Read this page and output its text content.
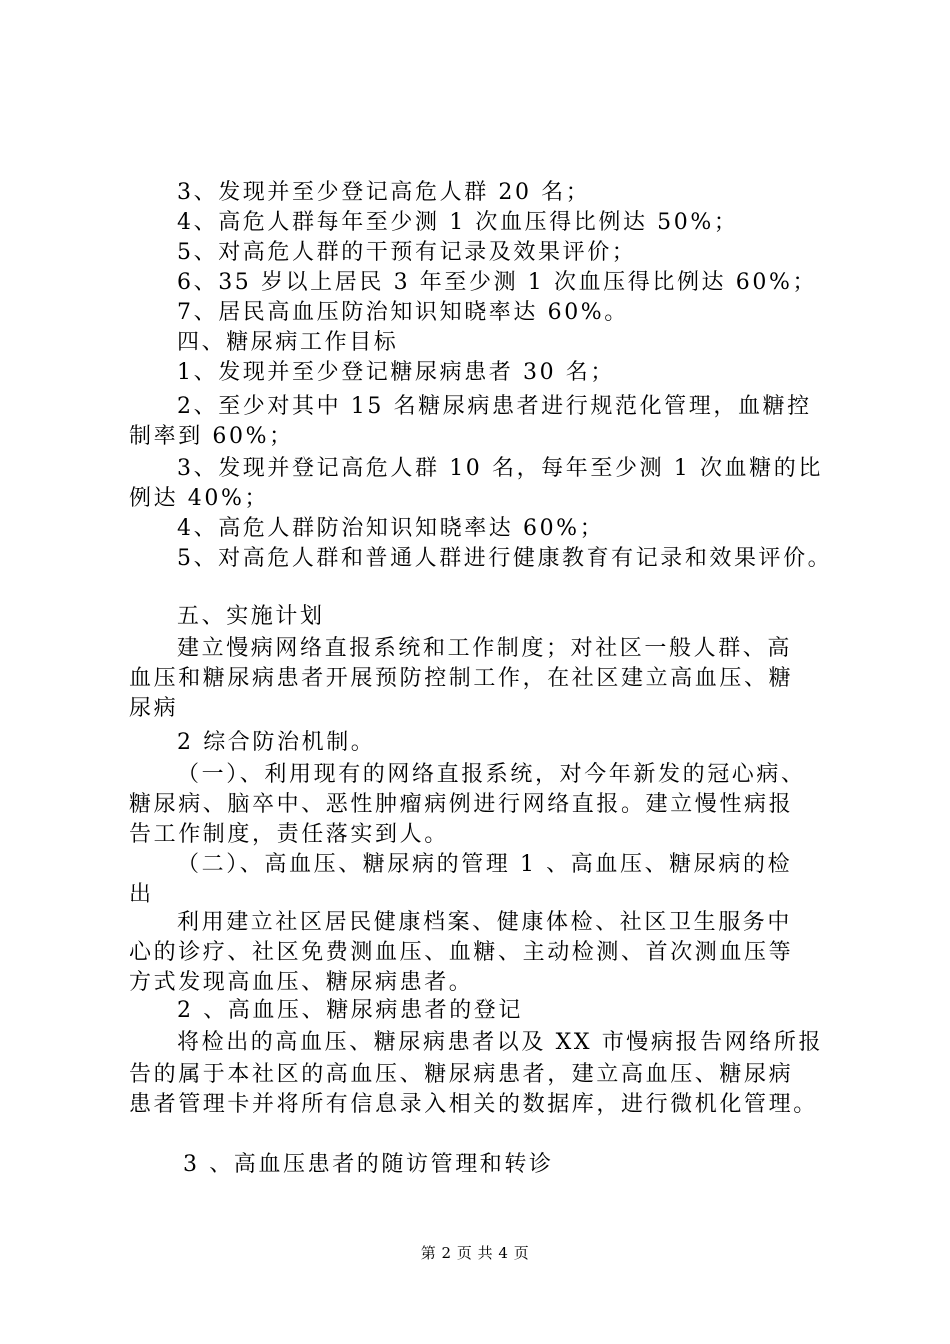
3、发现并至少登记高危人群 20 名；
4、高危人群每年至少测 1 次血压得比例达 50%；
5、对高危人群的干预有记录及效果评价；
6、35 岁以上居民 3 年至少测 1 次血压得比例达 60%；
7、居民高血压防治知识知晓率达 60%。
四、糖尿病工作目标
1、发现并至少登记糖尿病患者 30 名；
2、至少对其中 15 名糖尿病患者进行规范化管理，血糖控
制率到 60%；
3、发现并登记高危人群 10 名，每年至少测 1 次血糖的比
例达 40%；
4、高危人群防治知识知晓率达 60%；
5、对高危人群和普通人群进行健康教育有记录和效果评价。
五、实施计划
建立慢病网络直报系统和工作制度；对社区一般人群、高
血压和糖尿病患者开展预防控制工作，在社区建立高血压、糖
尿病
2 综合防治机制。
（一）、利用现有的网络直报系统，对今年新发的冠心病、
糖尿病、脑卒中、恶性肿瘤病例进行网络直报。建立慢性病报
告工作制度，责任落实到人。
（二）、高血压、糖尿病的管理 1 、高血压、糖尿病的检
出
利用建立社区居民健康档案、健康体检、社区卫生服务中
心的诊疗、社区免费测血压、血糖、主动检测、首次测血压等
方式发现高血压、糖尿病患者。
2 、高血压、糖尿病患者的登记
将检出的高血压、糖尿病患者以及 XX 市慢病报告网络所报
告的属于本社区的高血压、糖尿病患者，建立高血压、糖尿病
患者管理卡并将所有信息录入相关的数据库，进行微机化管理。
3 、高血压患者的随访管理和转诊
第 2 页 共 4 页
